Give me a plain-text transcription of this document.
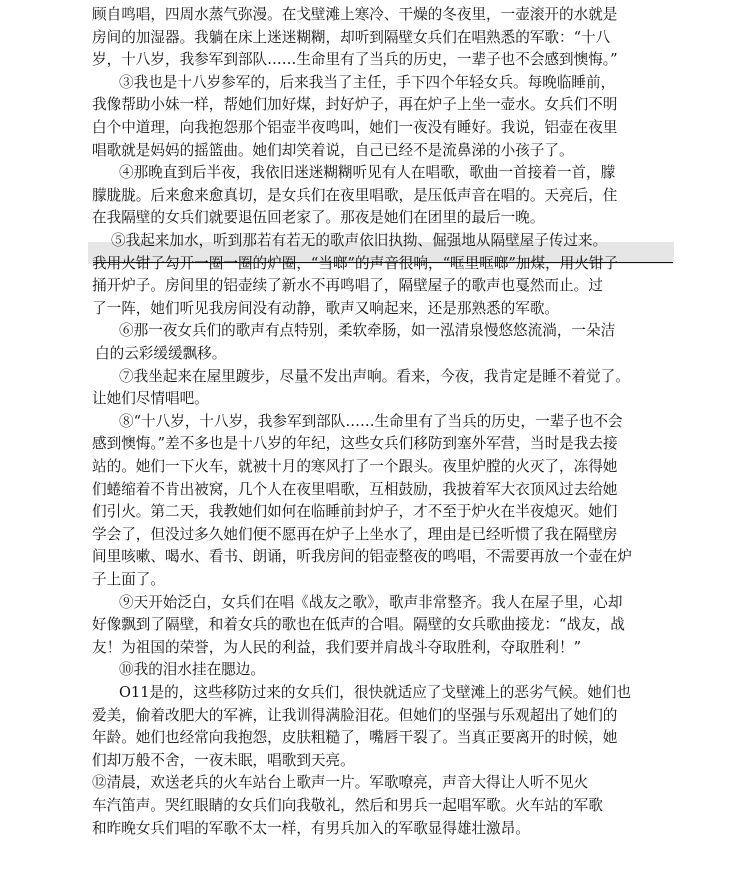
顾自鸣唱，四周水蒸气弥漫。在戈壁滩上寒冷、干燥的冬夜里，一壶滚开的水就是
房间的加湿器。我躺在床上迷迷糊糊，却听到隔壁女兵们在唱熟悉的军歌：“十八
岁，十八岁，我参军到部队……生命里有了当兵的历史，一辈子也不会感到懊悔。”
③我也是十八岁参军的，后来我当了主任，手下四个年轻女兵。每晚临睡前，
我像帮助小妹一样，帮她们加好煤，封好炉子，再在炉子上坐一壶水。女兵们不明
白个中道理，向我抱怨那个铝壶半夜鸣叫，她们一夜没有睡好。我说，铝壶在夜里
唱歌就是妈妈的摇篮曲。她们却笑着说，自己已经不是流鼻涕的小孩子了。
④那晚直到后半夜，我依旧迷迷糊糊听见有人在唱歌，歌曲一首接着一首，朦
朦胧胧。后来愈来愈真切，是女兵们在夜里唱歌，是压低声音在唱的。天亮后，住
在我隔壁的女兵们就要退伍回老家了。那夜是她们在团里的最后一晚。
⑤我起来加水，听到那若有若无的歌声依旧执拗、倔强地从隔壁屋子传过来。
我用火钳子勾开一圈一圈的炉圈，“当啷”的声音很响，“哐里哐啷”加煤，用火钳子
捅开炉子。房间里的铝壶续了新水不再鸣唱了，隔壁屋子的歌声也戛然而止。过
了一阵，她们听见我房间没有动静，歌声又响起来，还是那熟悉的军歌。
⑥那一夜女兵们的歌声有点特别，柔软牵肠，如一泓清泉慢悠悠流淌，一朵洁
白的云彩缓缓飘移。
⑦我坐起来在屋里踱步，尽量不发出声响。看来，今夜，我肯定是睡不着觉了。
让她们尽情唱吧。
⑧“十八岁，十八岁，我参军到部队……生命里有了当兵的历史，一辈子也不会
感到懊悔。”差不多也是十八岁的年纪，这些女兵们移防到塞外军营，当时是我去接
站的。她们一下火车，就被十月的寒风打了一个跟头。夜里炉膛的火灭了，冻得她
们蜷缩着不肯出被窝，几个人在夜里唱歌，互相鼓励，我披着军大衣顶风过去给她
们引火。第二天，我教她们如何在临睡前封炉子，才不至于炉火在半夜熄灭。她们
学会了，但没过多久她们便不愿再在炉子上坐水了，理由是已经听惯了我在隔壁房
间里咳嗽、喝水、看书、朗诵，听我房间的铝壶整夜的鸣唱，不需要再放一个壶在炉
子上面了。
⑨天开始泛白，女兵们在唱《战友之歌》，歌声非常整齐。我人在屋子里，心却
好像飘到了隔壁，和着女兵的歌也在低声的合唱。隔壁的女兵歌曲接龙：“战友，战
友！为祖国的荣誉，为人民的利益，我们要并肩战斗夺取胜利，夺取胜利！”
⑩我的泪水挂在腮边。
O11是的，这些移防过来的女兵们，很快就适应了戈壁滩上的恶劣气候。她们也
爱美，偷着改肥大的军裤，让我训得满脸泪花。但她们的坚强与乐观超出了她们的
年龄。她们也经常向我抱怨，皮肤粗糙了，嘴唇干裂了。当真正要离开的时候，她
们却万般不舍，一夜未眠，唱歌到天亮。
⑫清晨，欢送老兵的火车站台上歌声一片。军歌嘹亮，声音大得让人听不见火
车汽笛声。哭红眼睛的女兵们向我敬礼，然后和男兵一起唱军歌。火车站的军歌
和昨晚女兵们唱的军歌不太一样，有男兵加入的军歌显得雄壮激昂。
